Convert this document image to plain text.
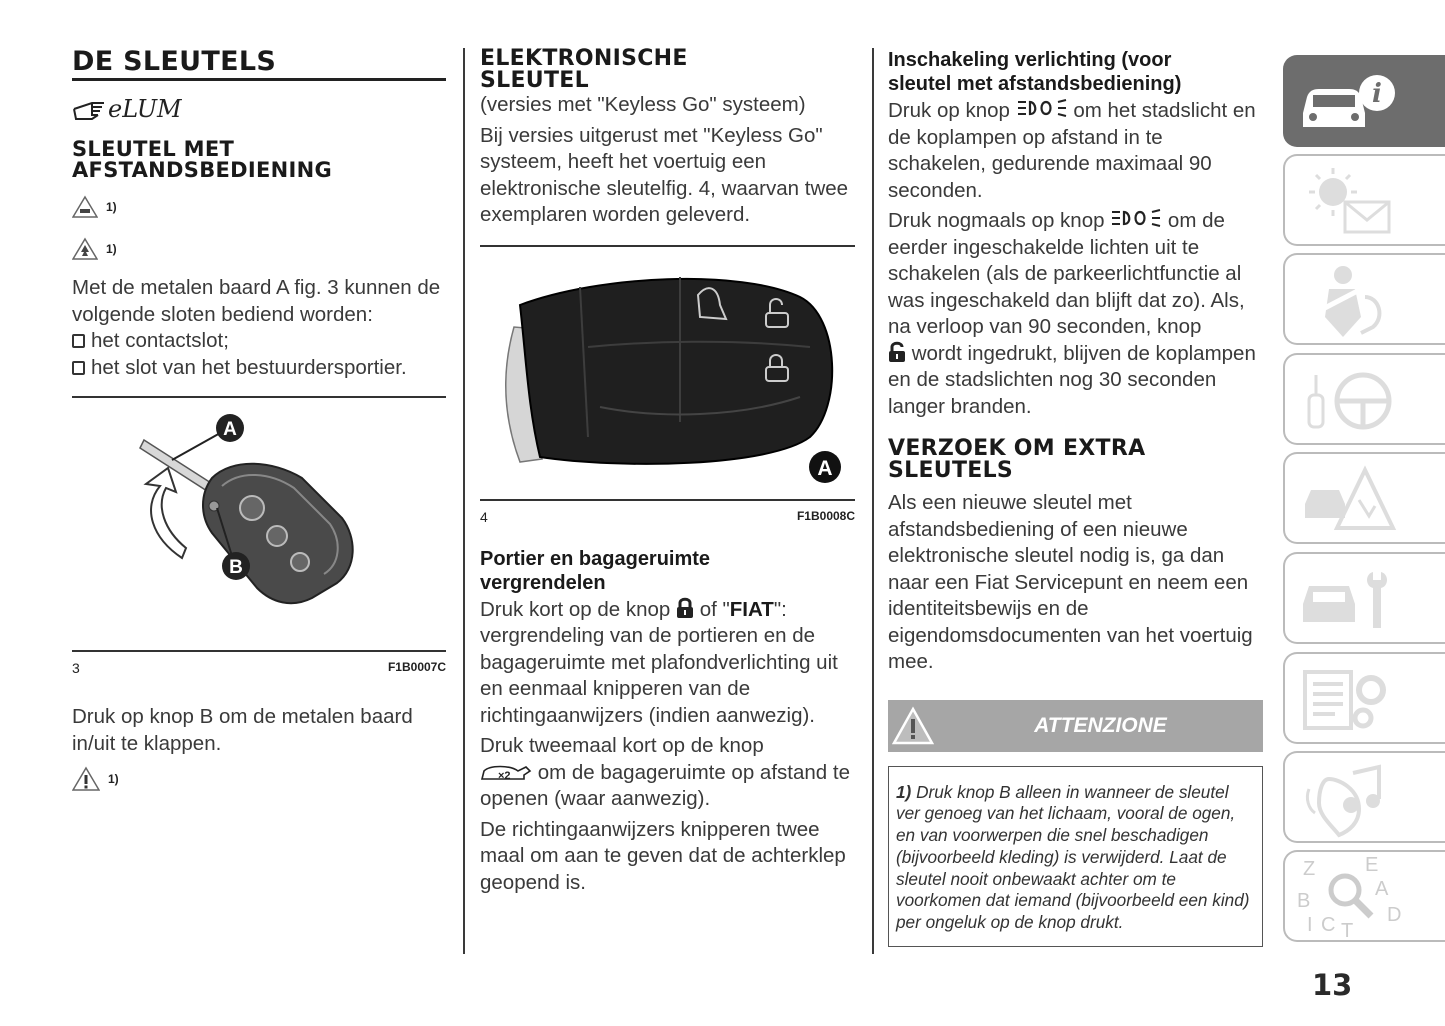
DE SLEUTELS
eLUM
SLEUTEL MET AFSTANDSBEDIENING
1)
1)

Met de metalen baard A fig. 3 kunnen de volgende sloten bediend worden:

het contactslot;
het slot van het bestuurdersportier.
A
B
3	F1B0007C

Druk op knop B om de metalen baard in/uit te klappen.

1)
ELEKTRONISCHE SLEUTEL

(versies met "Keyless Go" systeem)

Bij versies uitgerust met "Keyless Go" systeem, heeft het voertuig een elektronische sleutelfig. 4, waarvan twee exemplaren worden geleverd.

A
4	F1B0008C
Portier en bagageruimte vergrendelen

Druk kort op de knop of "FIAT": vergrendeling van de portieren en de bagageruimte met plafondverlichting uit en eenmaal knipperen van de richtingaanwijzers (indien aanwezig).

Druk tweemaal kort op de knop

×2 om de bagageruimte op afstand te openen (waar aanwezig).

De richtingaanwijzers knipperen twee maal om aan te geven dat de achterklep geopend is.

Inschakeling verlichting (voor sleutel met afstandsbediening)

Druk op knop	om het stadslicht en de koplampen op afstand in te schakelen, gedurende maximaal 90 seconden.

Druk nogmaals op knop	om de eerder ingeschakelde lichten uit te schakelen (als de parkeerlichtfunctie al was ingeschakeld dan blijft dat zo). Als, na verloop van 90 seconden, knop
wordt ingedrukt, blijven de koplampen en de stadslichten nog 30 seconden langer branden.

VERZOEK OM EXTRA SLEUTELS

Als een nieuwe sleutel met afstandsbediening of een nieuwe elektronische sleutel nodig is, ga dan naar een Fiat Servicepunt en neem een identiteitsbewijs en de eigendomsdocumenten van het voertuig mee.

ATTENZIONE
1) Druk knop B alleen in wanneer de sleutel ver genoeg van het lichaam, vooral de ogen, en van voorwerpen die snel beschadigen (bijvoorbeeld kleding) is verwijderd. Laat de sleutel nooit onbewaakt achter om te voorkomen dat iemand (bijvoorbeeld een kind) per ongeluk op de knop drukt.
i
Z E
A
B
D
I C T
13
